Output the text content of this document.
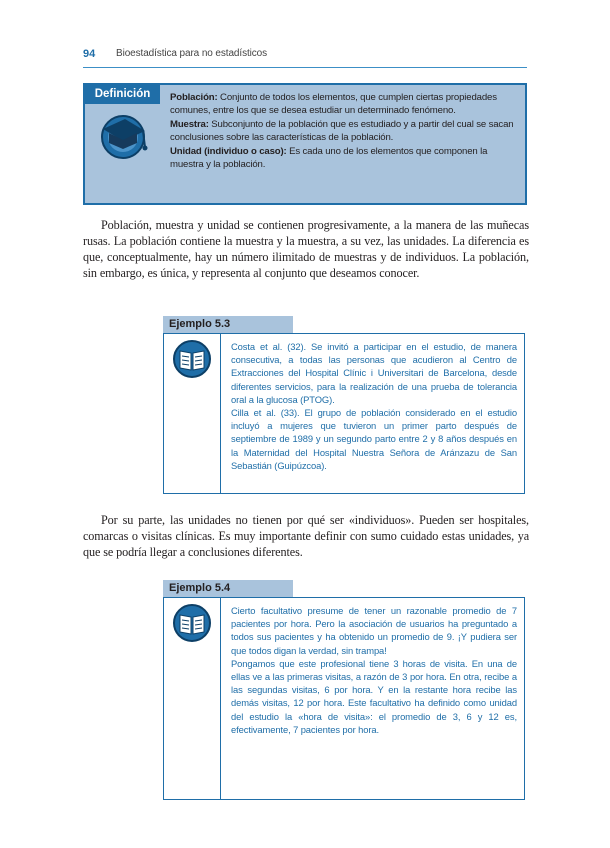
94 Bioestadística para no estadísticos
Definición	Población: Conjunto de todos los elementos, que cumplen ciertas propiedades comunes, entre los que se desea estudiar un determinado fenómeno.

Muestra: Subconjunto de la población que es estudiado y a partir del cual se sacan conclusiones sobre las características de la población.

Unidad (individuo o caso): Es cada uno de los elementos que componen la muestra y la población.

Población, muestra y unidad se contienen progresivamente, a la manera de las muñecas rusas. La población contiene la muestra y la muestra, a su vez, las unidades. La diferencia es que, conceptualmente, hay un número ilimitado de muestras y de individuos. La población, sin embargo, es única, y representa al conjunto que deseamos conocer.

Ejemplo 5.3

Costa et al. (32). Se invitó a participar en el estudio, de manera consecutiva, a todas las personas que acudieron al Centro de Extracciones del Hospital Clínic i Universitari de Barcelona, desde diferentes servicios, para la realización de una prueba de tolerancia oral a la glucosa (PTOG).

Cilla et al. (33). El grupo de población considerado en el estudio incluyó a mujeres que tuvieron un primer parto después de septiembre de 1989 y un segundo parto entre 2 y 8 años después en la Maternidad del Hospital Nuestra Señora de Aránzazu de San Sebastián (Guipúzcoa).

Por su parte, las unidades no tienen por qué ser «individuos». Pueden ser hospitales, comarcas o visitas clínicas. Es muy importante definir con sumo cuidado estas unidades, ya que se podría llegar a conclusiones diferentes.

Ejemplo 5.4

Cierto facultativo presume de tener un razonable promedio de 7 pacientes por hora. Pero la asociación de usuarios ha preguntado a todos sus pacientes y ha obtenido un promedio de 9. ¡Y pudiera ser que todos digan la verdad, sin trampa!

Pongamos que este profesional tiene 3 horas de visita. En una de ellas ve a las primeras visitas, a razón de 3 por hora. En otra, recibe a las segundas visitas, 6 por hora. Y en la restante hora recibe las demás visitas, 12 por hora. Este facultativo ha definido como unidad del estudio la «hora de visita»: el promedio de 3, 6 y 12 es, efectivamente, 7 pacientes por hora.
